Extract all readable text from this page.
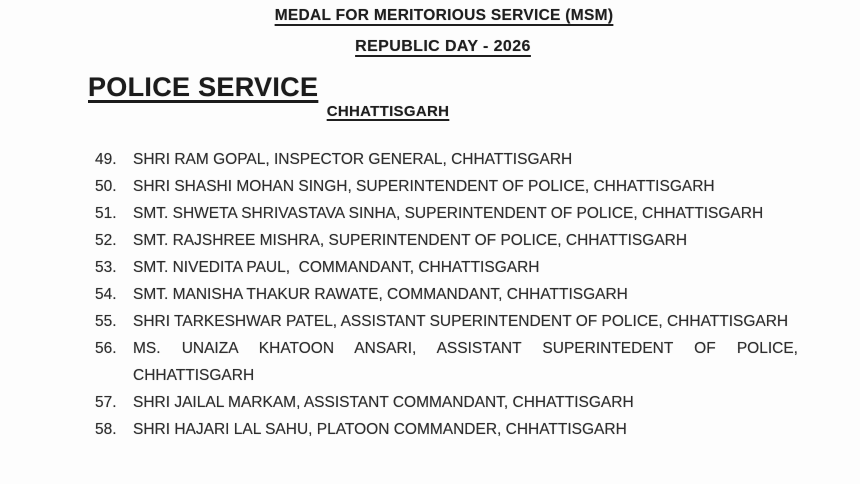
MEDAL FOR MERITORIOUS SERVICE (MSM)
REPUBLIC DAY - 2026
POLICE SERVICE
CHHATTISGARH
49.	SHRI RAM GOPAL, INSPECTOR GENERAL, CHHATTISGARH
50.	SHRI SHASHI MOHAN SINGH, SUPERINTENDENT OF POLICE, CHHATTISGARH
51.	SMT. SHWETA SHRIVASTAVA SINHA, SUPERINTENDENT OF POLICE, CHHATTISGARH
52.	SMT. RAJSHREE MISHRA, SUPERINTENDENT OF POLICE, CHHATTISGARH
53.	SMT. NIVEDITA PAUL,  COMMANDANT, CHHATTISGARH
54.	SMT. MANISHA THAKUR RAWATE, COMMANDANT, CHHATTISGARH
55.	SHRI TARKESHWAR PATEL, ASSISTANT SUPERINTENDENT OF POLICE, CHHATTISGARH
56.	MS. UNAIZA KHATOON ANSARI, ASSISTANT SUPERINTEDENT OF POLICE, CHHATTISGARH
57.	SHRI JAILAL MARKAM, ASSISTANT COMMANDANT, CHHATTISGARH
58.	SHRI HAJARI LAL SAHU, PLATOON COMMANDER, CHHATTISGARH
